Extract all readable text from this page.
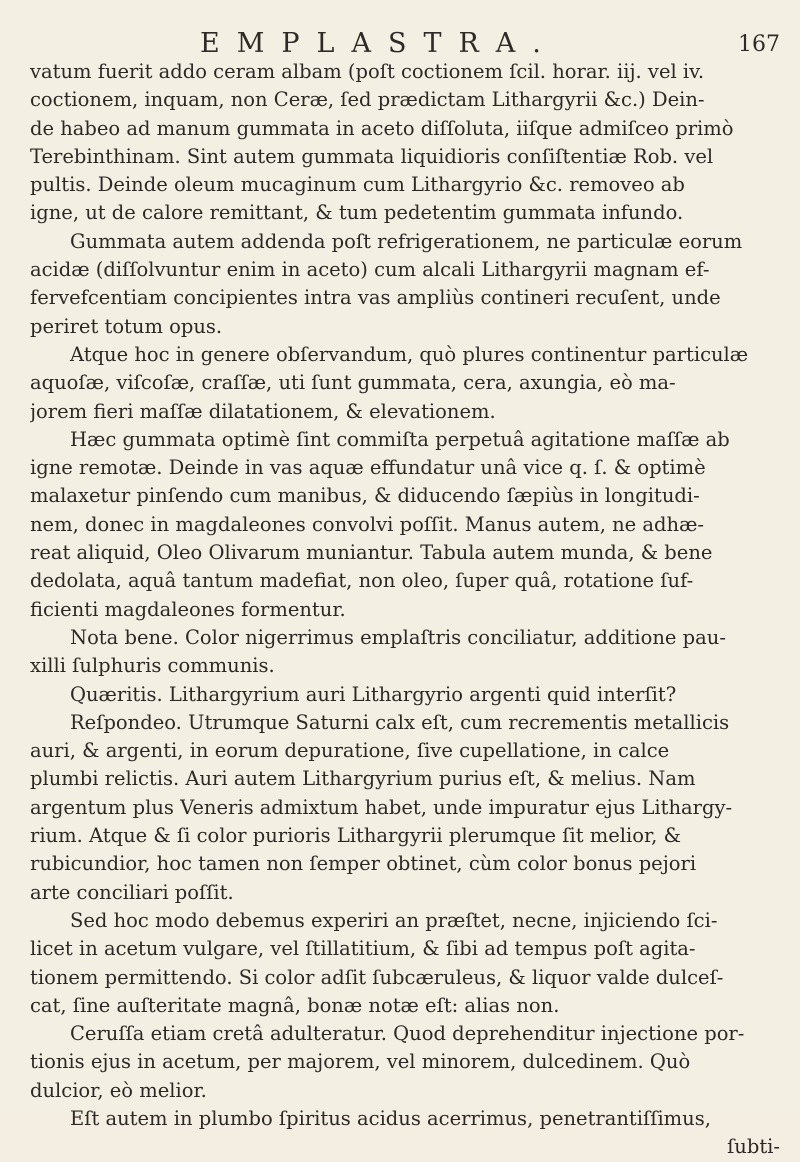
EMPLASTRA.	167
vatum fuerit addo ceram albam (poſt coctionem ſcil. horar. iij. vel iv.
coctionem, inquam, non Ceræ, ſed prædictam Lithargyrii &c.) Dein-
de habeo ad manum gummata in aceto diſſoluta, iiſque admiſceo primò
Terebinthinam. Sint autem gummata liquidioris conſiſtentiæ Rob. vel
pultis. Deinde oleum mucaginum cum Lithargyrio &c. removeo ab
igne, ut de calore remittant, & tum pedetentim gummata infundo.
Gummata autem addenda poſt refrigerationem, ne particulæ eorum
acidæ (diſſolvuntur enim in aceto) cum alcali Lithargyrii magnam ef-
fervefcentiam concipientes intra vas ampliùs contineri recuſent, unde
periret totum opus.
Atque hoc in genere obſervandum, quò plures continentur particulæ
aquoſæ, viſcoſæ, craſſæ, uti ſunt gummata, cera, axungia, eò ma-
jorem fieri maſſæ dilatationem, & elevationem.
Hæc gummata optimè ſint commiſta perpetuâ agitatione maſſæ ab
igne remotæ. Deinde in vas aquæ effundatur unâ vice q. ſ. & optimè
malaxetur pinſendo cum manibus, & diducendo ſæpiùs in longitudi-
nem, donec in magdaleones convolvi poſſit. Manus autem, ne adhæ-
reat aliquid, Oleo Olivarum muniantur. Tabula autem munda, & bene
dedolata, aquâ tantum madefiat, non oleo, ſuper quâ, rotatione ſuf-
ficienti magdaleones formentur.
Nota bene. Color nigerrimus emplaſtris conciliatur, additione pau-
xilli ſulphuris communis.
Quæritis. Lithargyrium auri Lithargyrio argenti quid interſit?
Reſpondeo. Utrumque Saturni calx eſt, cum recrementis metallicis
auri, & argenti, in eorum depuratione, ſive cupellatione, in calce
plumbi relictis. Auri autem Lithargyrium purius eſt, & melius. Nam
argentum plus Veneris admixtum habet, unde impuratur ejus Lithargy-
rium. Atque & ſi color purioris Lithargyrii plerumque ſit melior, &
rubicundior, hoc tamen non ſemper obtinet, cùm color bonus pejori
arte conciliari poſſit.
Sed hoc modo debemus experiri an præſtet, necne, injiciendo ſci-
licet in acetum vulgare, vel ſtillatitium, & ſibi ad tempus poſt agita-
tionem permittendo. Si color adſit ſubcæruleus, & liquor valde dulceſ-
cat, ſine auſteritate magnâ, bonæ notæ eſt: alias non.
Ceruſſa etiam cretâ adulteratur. Quod deprehenditur injectione por-
tionis ejus in acetum, per majorem, vel minorem, dulcedinem. Quò
dulcior, eò melior.
Eſt autem in plumbo ſpiritus acidus acerrimus, penetrantiſſimus,
ſubti-
